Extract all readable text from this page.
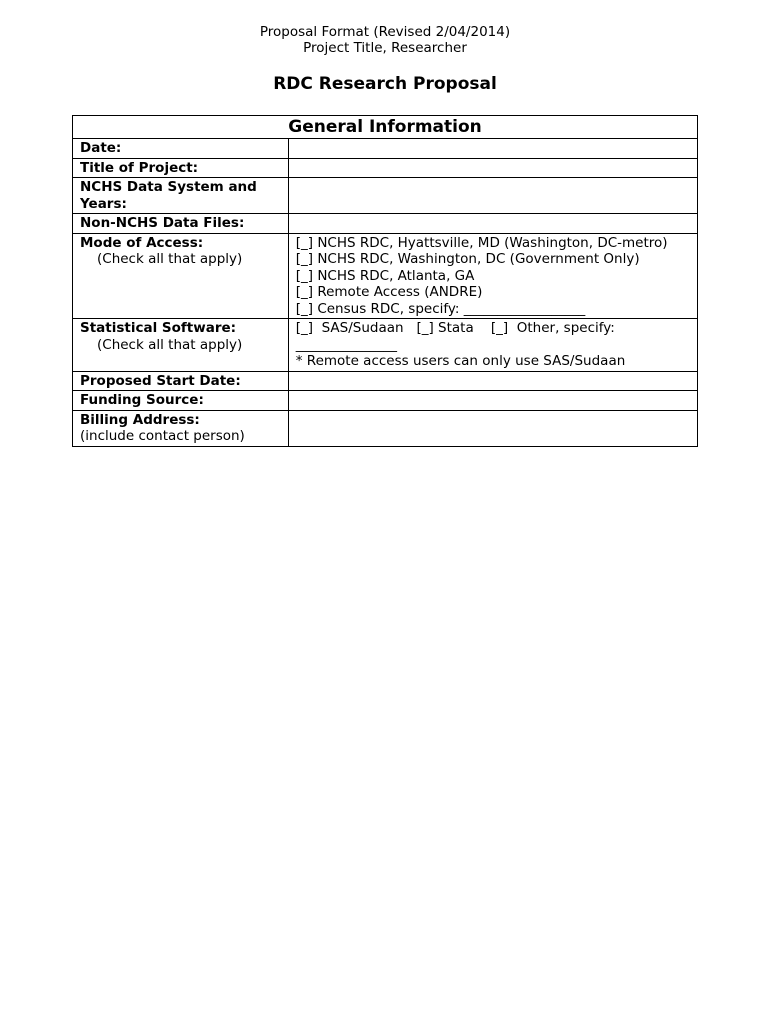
Proposal Format (Revised 2/04/2014)
Project Title, Researcher
RDC Research Proposal
General Information	
Date:	
Title of Project:	
NCHS Data System and Years:	
Non-NCHS Data Files:	

Mode of Access:
(Check all that apply)	[_] NCHS RDC, Hyattsville, MD (Washington, DC-metro)
[_] NCHS RDC, Washington, DC (Government Only)
[_] NCHS RDC, Atlanta, GA
[_] Remote Access (ANDRE)
[_] Census RDC, specify: __________________

Statistical Software:
(Check all that apply)	[_]  SAS/Sudaan   [_] Stata    [_]  Other, specify:
_______________
* Remote access users can only use SAS/Sudaan

Proposed Start Date:	
Funding Source:	

Billing Address:
(include contact person)	
